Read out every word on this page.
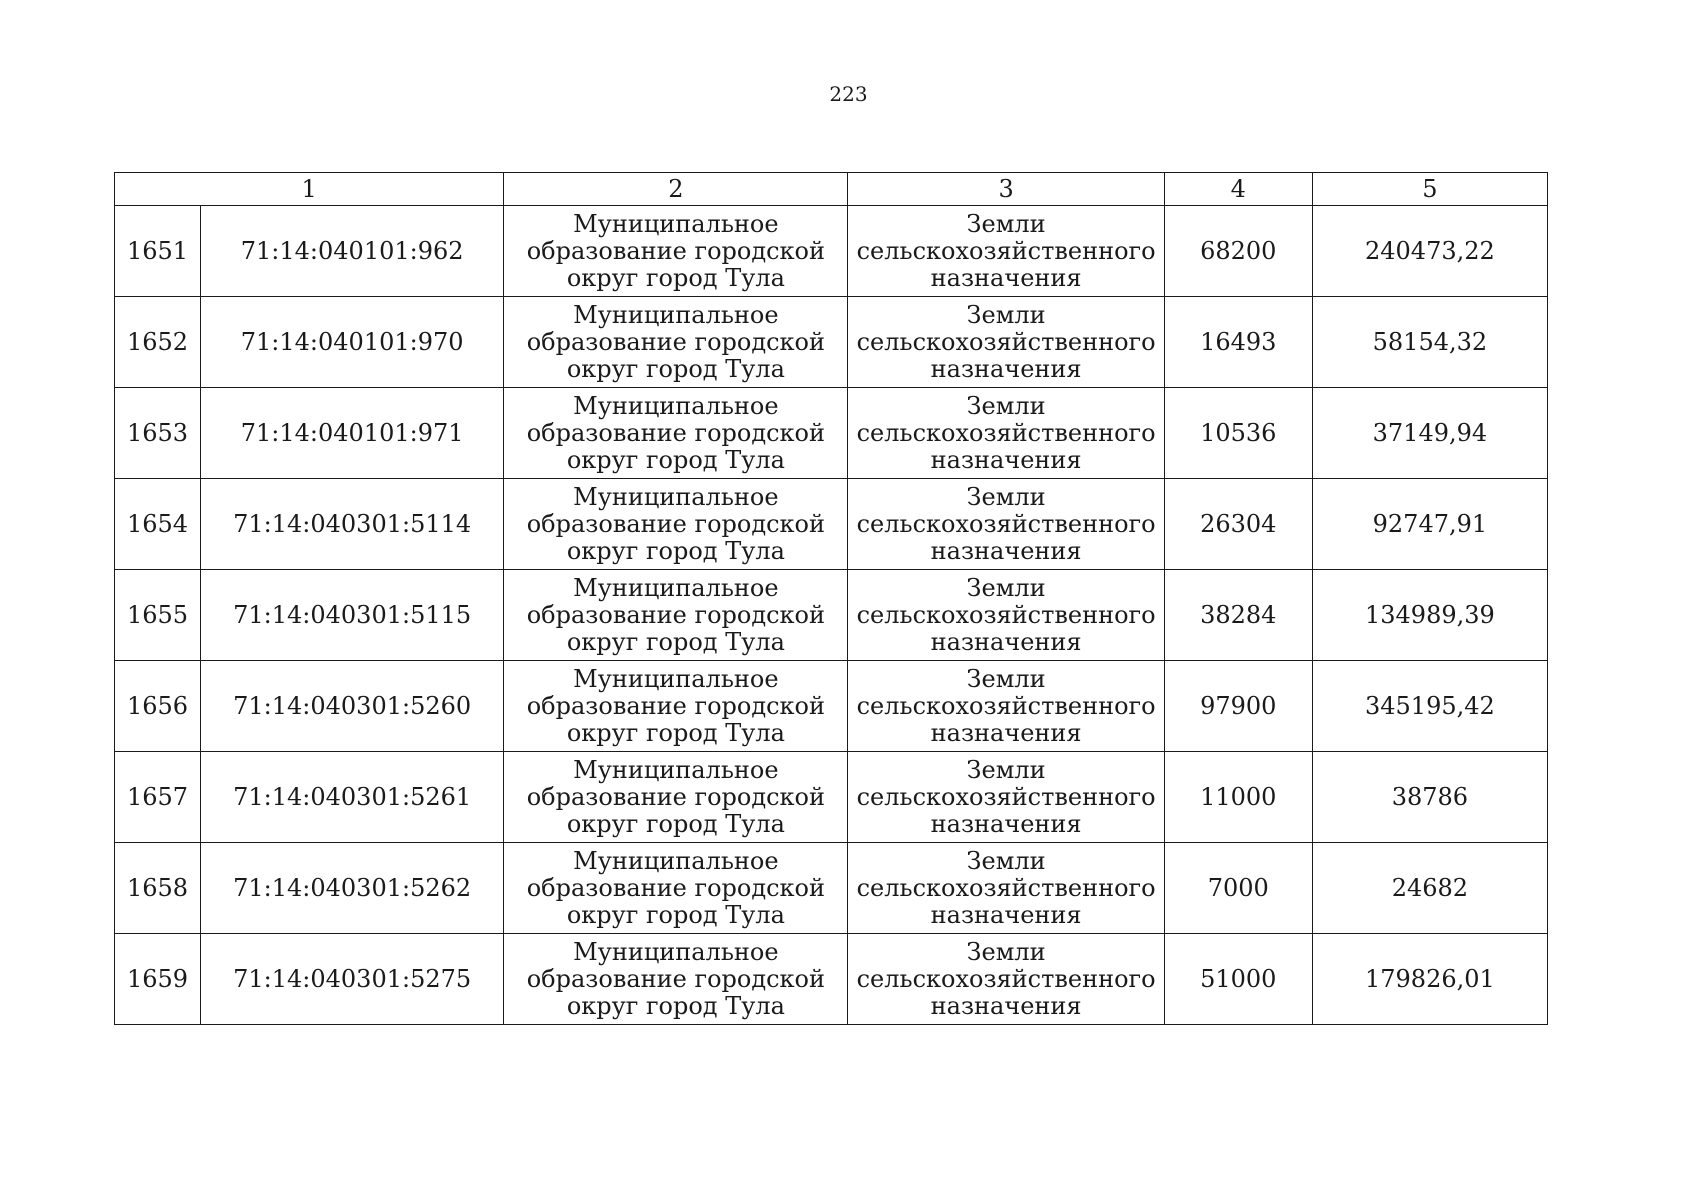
223
1		2	3	4	5
1651	71:14:040101:962	Муниципальное
образование городской
округ город Тула	Земли
сельскохозяйственного
назначения	68200	240473,22
1652	71:14:040101:970	Муниципальное
образование городской
округ город Тула	Земли
сельскохозяйственного
назначения	16493	58154,32
1653	71:14:040101:971	Муниципальное
образование городской
округ город Тула	Земли
сельскохозяйственного
назначения	10536	37149,94
1654	71:14:040301:5114	Муниципальное
образование городской
округ город Тула	Земли
сельскохозяйственного
назначения	26304	92747,91
1655	71:14:040301:5115	Муниципальное
образование городской
округ город Тула	Земли
сельскохозяйственного
назначения	38284	134989,39
1656	71:14:040301:5260	Муниципальное
образование городской
округ город Тула	Земли
сельскохозяйственного
назначения	97900	345195,42
1657	71:14:040301:5261	Муниципальное
образование городской
округ город Тула	Земли
сельскохозяйственного
назначения	11000	38786
1658	71:14:040301:5262	Муниципальное
образование городской
округ город Тула	Земли
сельскохозяйственного
назначения	7000	24682
1659	71:14:040301:5275	Муниципальное
образование городской
округ город Тула	Земли
сельскохозяйственного
назначения	51000	179826,01
